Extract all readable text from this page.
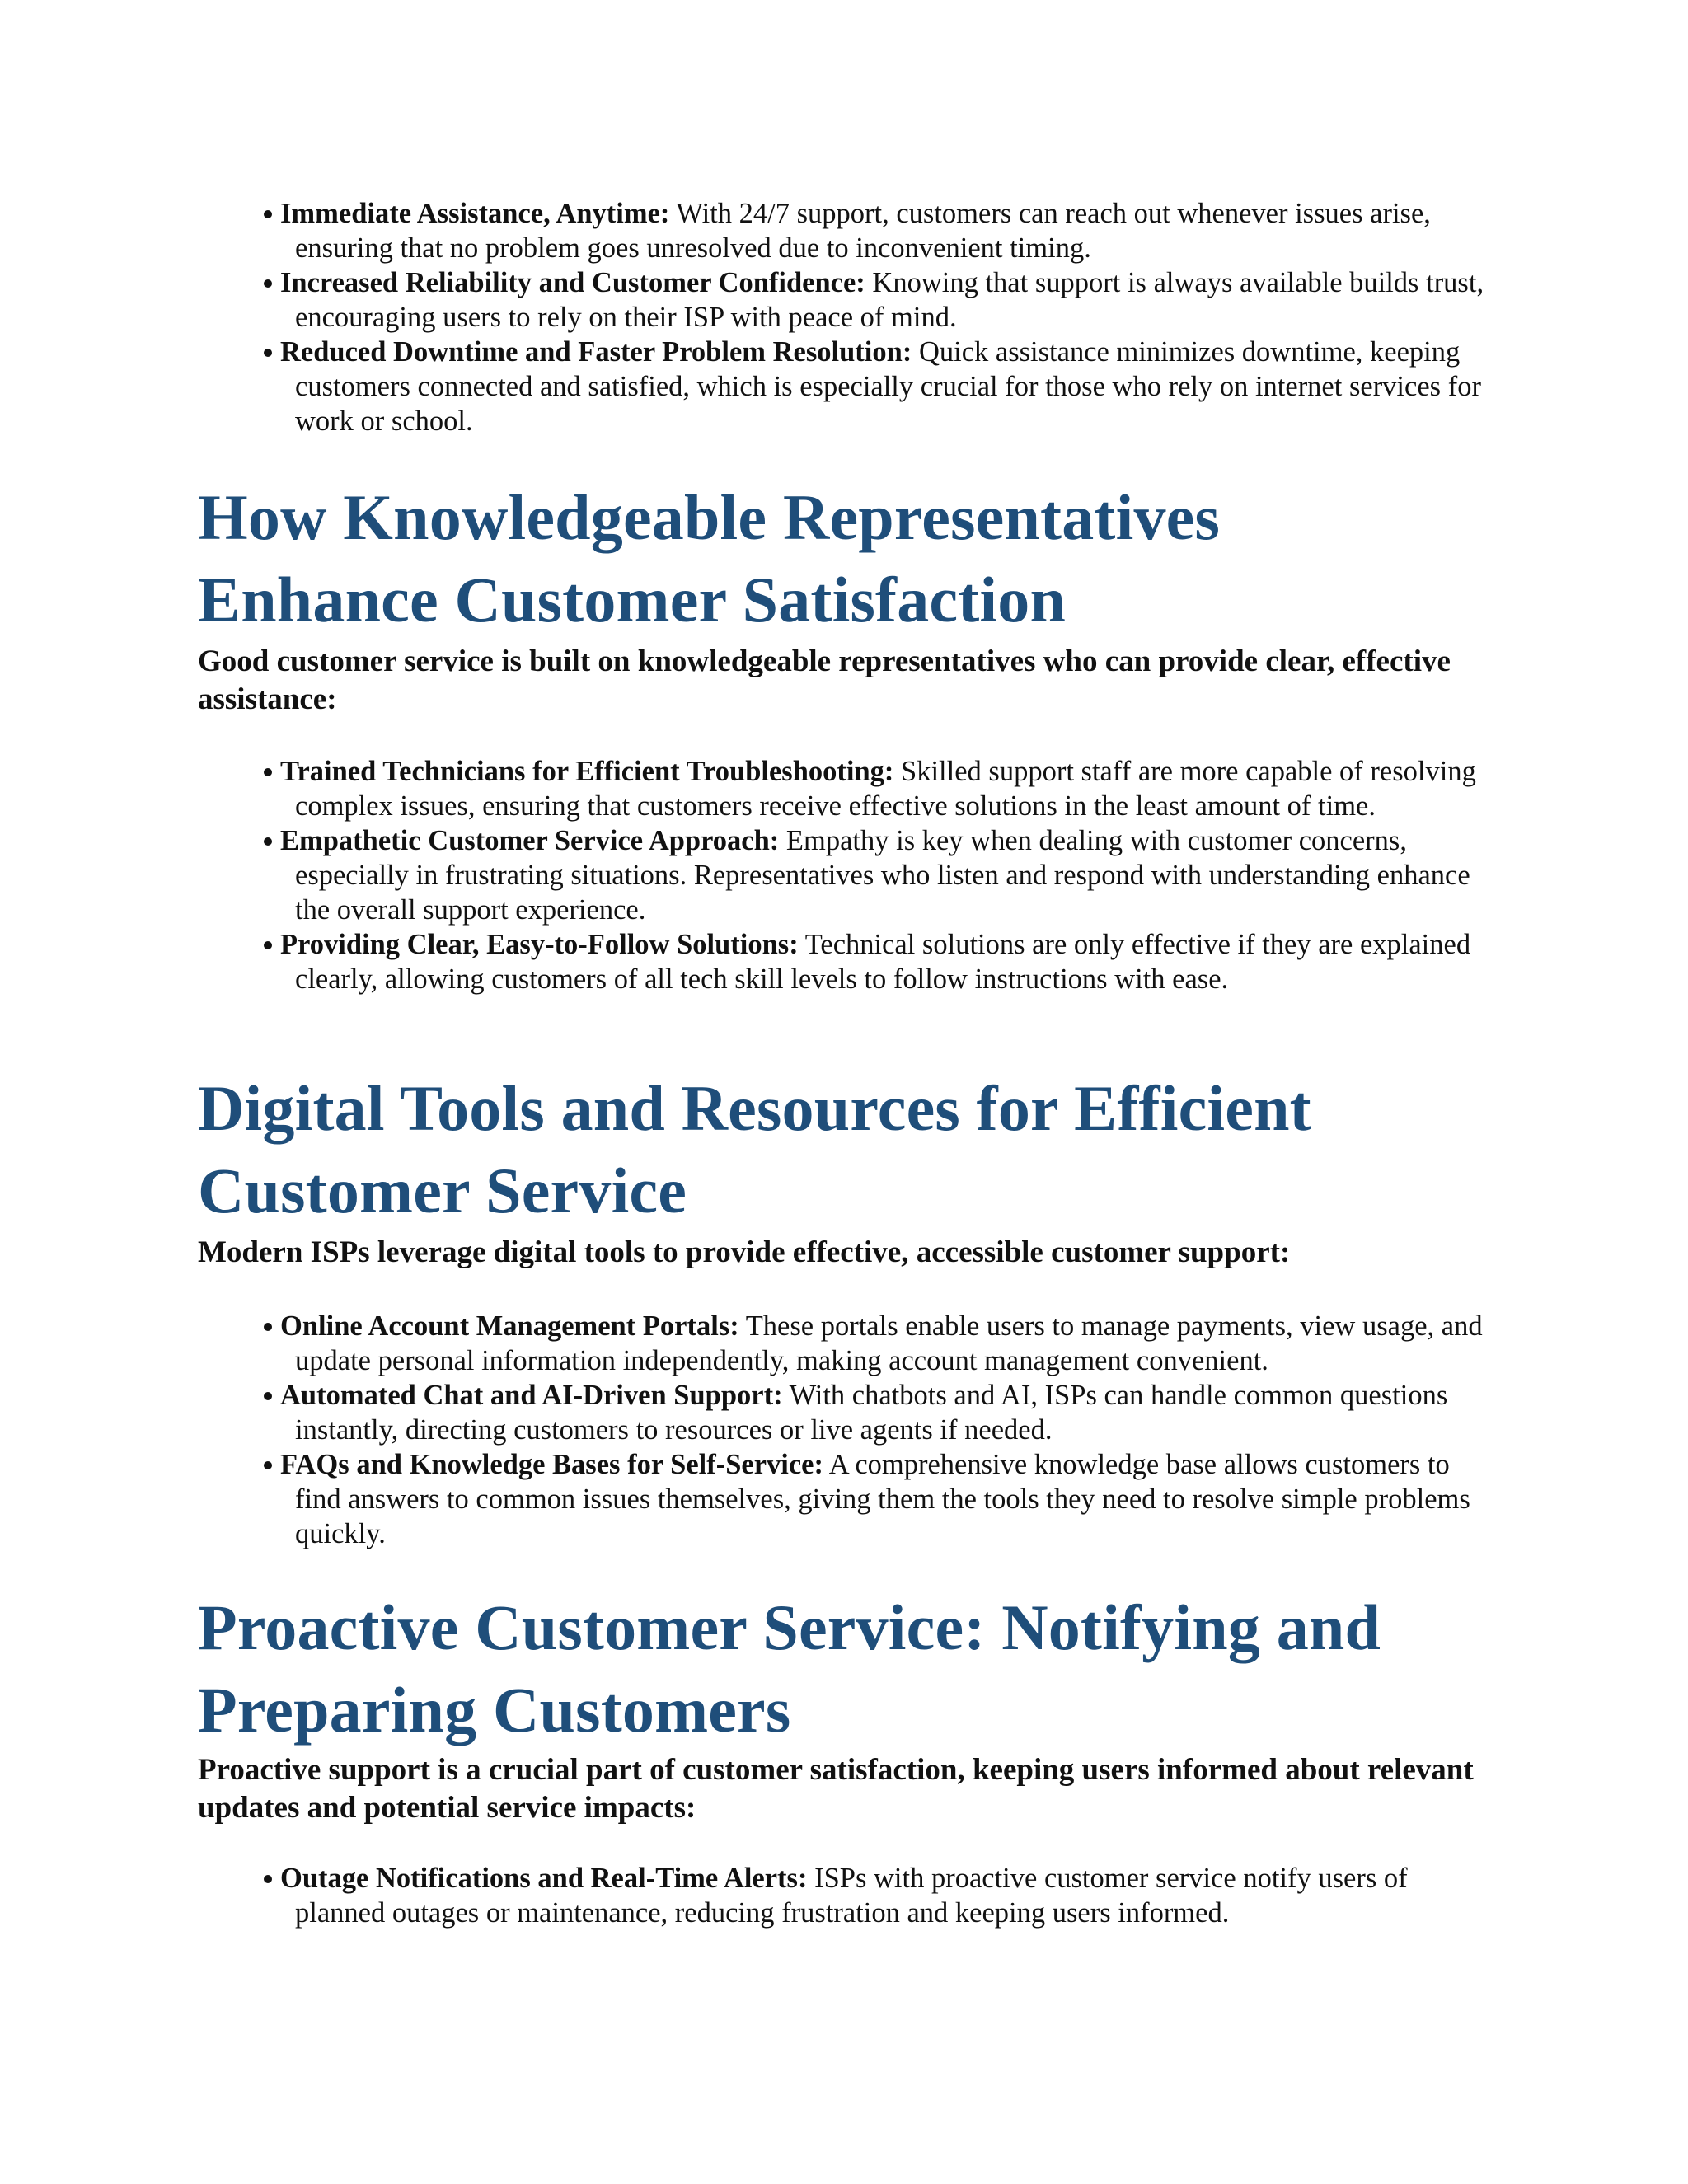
Immediate Assistance, Anytime: With 24/7 support, customers can reach out whenever issues arise, ensuring that no problem goes unresolved due to inconvenient timing.
Increased Reliability and Customer Confidence: Knowing that support is always available builds trust, encouraging users to rely on their ISP with peace of mind.
Reduced Downtime and Faster Problem Resolution: Quick assistance minimizes downtime, keeping customers connected and satisfied, which is especially crucial for those who rely on internet services for work or school.
How Knowledgeable Representatives Enhance Customer Satisfaction

Good customer service is built on knowledgeable representatives who can provide clear, effective assistance:

Trained Technicians for Efficient Troubleshooting: Skilled support staff are more capable of resolving complex issues, ensuring that customers receive effective solutions in the least amount of time.
Empathetic Customer Service Approach: Empathy is key when dealing with customer concerns, especially in frustrating situations. Representatives who listen and respond with understanding enhance the overall support experience.
Providing Clear, Easy-to-Follow Solutions: Technical solutions are only effective if they are explained clearly, allowing customers of all tech skill levels to follow instructions with ease.
Digital Tools and Resources for Efficient Customer Service

Modern ISPs leverage digital tools to provide effective, accessible customer support:

Online Account Management Portals: These portals enable users to manage payments, view usage, and update personal information independently, making account management convenient.
Automated Chat and AI-Driven Support: With chatbots and AI, ISPs can handle common questions instantly, directing customers to resources or live agents if needed.
FAQs and Knowledge Bases for Self-Service: A comprehensive knowledge base allows customers to find answers to common issues themselves, giving them the tools they need to resolve simple problems quickly.
Proactive Customer Service: Notifying and Preparing Customers

Proactive support is a crucial part of customer satisfaction, keeping users informed about relevant updates and potential service impacts:

Outage Notifications and Real-Time Alerts: ISPs with proactive customer service notify users of planned outages or maintenance, reducing frustration and keeping users informed.
